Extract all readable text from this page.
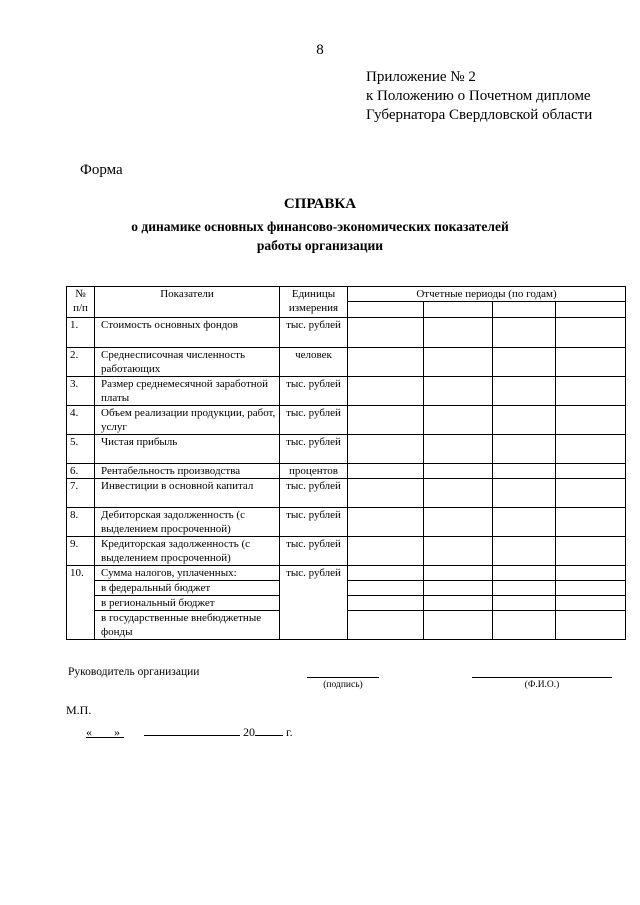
8
Приложение № 2
к Положению о Почетном дипломе
Губернатора Свердловской области
Форма
СПРАВКА
о динамике основных финансово-экономических показателей
работы организации
№ п/п	Показатели	Единицы измерения	Отчетные периоды (по годам)			

1.	Стоимость основных фондов	тыс. рублей				
2.	Среднесписочная численность работающих	человек				
3.	Размер среднемесячной заработной платы	тыс. рублей				
4.	Объем реализации продукции, работ, услуг	тыс. рублей				
5.	Чистая прибыль	тыс. рублей				
6.	Рентабельность производства	процентов				
7.	Инвестиции в основной капитал	тыс. рублей				
8.	Дебиторская задолженность (с выделением просроченной)	тыс. рублей				
9.	Кредиторская задолженность (с выделением просроченной)	тыс. рублей				
10.	Сумма налогов, уплаченных:	тыс. рублей				
	в федеральный бюджет					
	в региональный бюджет					
	в государственные внебюджетные фонды					
Руководитель организации
(подпись)	(Ф.И.О.)
М.П.
« »	20	г.
